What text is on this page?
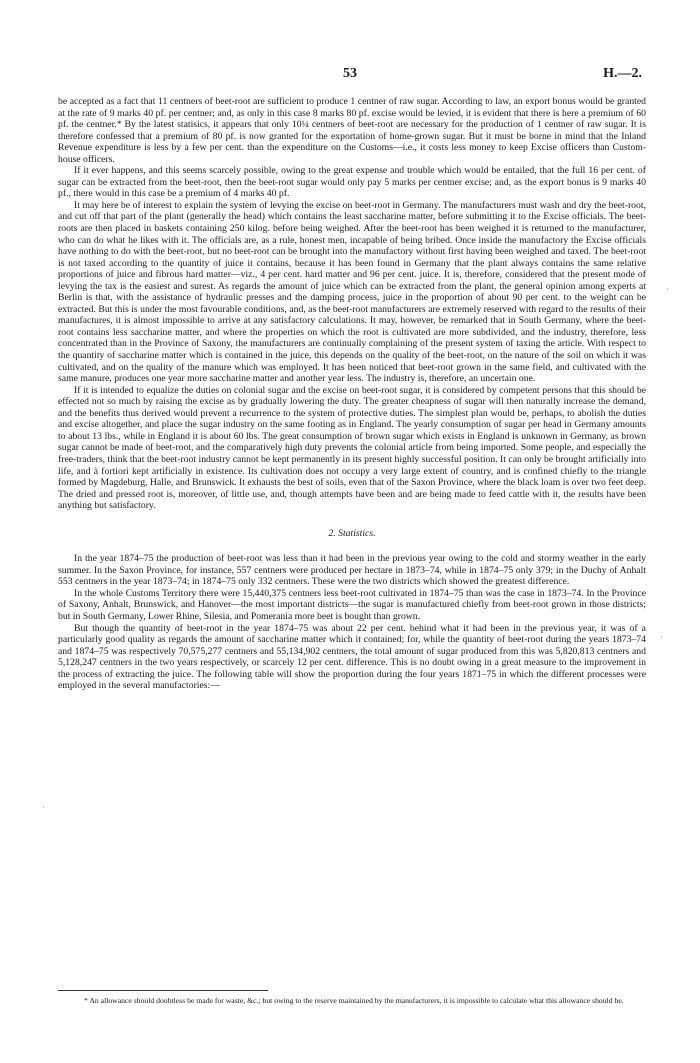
53	H.—2.

be accepted as a fact that 11 centners of beet-root are sufficient to produce 1 centner of raw sugar. According to law, an export bonus would be granted at the rate of 9 marks 40 pf. per centner; and, as only in this case 8 marks 80 pf. excise would be levied, it is evident that there is here a premium of 60 pf. the centner.* By the latest statisics, it appears that only 10¼ centners of beet-root are necessary for the production of 1 centner of raw sugar. It is therefore confessed that a premium of 80 pf. is now granted for the exportation of home-grown sugar. But it must be borne in mind that the Inland Revenue expenditure is less by a few per cent. than the expenditure on the Customs—i.e., it costs less money to keep Excise officers than Custom-house officers.

If it ever happens, and this seems scarcely possible, owing to the great expense and trouble which would be entailed, that the full 16 per cent. of sugar can be extracted from the beet-root, then the beet-root sugar would only pay 5 marks per centner excise; and, as the export bonus is 9 marks 40 pf., there would in this case be a premium of 4 marks 40 pf.

It may here be of interest to explain the system of levying the excise on beet-root in Germany. The manufacturers must wash and dry the beet-root, and cut off that part of the plant (generally the head) which contains the least saccharine matter, before submitting it to the Excise officials. The beet-roots are then placed in baskets containing 250 kilog. before being weighed. After the beet-root has been weighed it is returned to the manufacturer, who can do what he likes with it. The officials are, as a rule, honest men, incapable of being bribed. Once inside the manufactory the Excise officials have nothing to do with the beet-root, but no beet-root can be brought into the manufactory without first having been weighed and taxed. The beet-root is not taxed according to the quantity of juice it contains, because it has been found in Germany that the plant always contains the same relative proportions of juice and fibrous hard matter—viz., 4 per cent. hard matter and 96 per cent. juice. It is, therefore, considered that the present mode of levying the tax is the easiest and surest. As regards the amount of juice which can be extracted from the plant, the general opinion among experts at Berlin is that, with the assistance of hydraulic presses and the damping process, juice in the proportion of about 90 per cent. to the weight can be extracted. But this is under the most favourable conditions, and, as the beet-root manufacturers are extremely reserved with regard to the results of their manufactures, it is almost impossible to arrive at any satisfactory calculations. It may, however, be remarked that in South Germany, where the beet-root contains less saccharine matter, and where the properties on which the root is cultivated are more subdivided, and the industry, therefore, less concentrated than in the Province of Saxony, the manufacturers are continually complaining of the present system of taxing the article. With respect to the quantity of saccharine matter which is contained in the juice, this depends on the quality of the beet-root, on the nature of the soil on which it was cultivated, and on the quality of the manure which was employed. It has been noticed that beet-root grown in the same field, and cultivated with the same manure, produces one year more saccharine matter and another year less. The industry is, therefore, an uncertain one.

If it is intended to equalize the duties on colonial sugar and the excise on beet-root sugar, it is considered by competent persons that this should be effected not so much by raising the excise as by gradually lowering the duty. The greater cheapness of sugar will then naturally increase the demand, and the benefits thus derived would prevent a recurrence to the system of protective duties. The simplest plan would be, perhaps, to abolish the duties and excise altogether, and place the sugar industry on the same footing as in England. The yearly consumption of sugar per head in Germany amounts to about 13 lbs., while in England it is about 60 lbs. The great consumption of brown sugar which exists in England is unknown in Germany, as brown sugar cannot be made of beet-root, and the comparatively high duty prevents the colonial article from being imported. Some people, and especially the free-traders, think that the beet-root industry cannot be kept permanently in its present highly successful position. It can only be brought artificially into life, and à fortiori kept artificially in existence. Its cultivation does not occupy a very large extent of country, and is confined chiefly to the triangle formed by Magdeburg, Halle, and Brunswick. It exhausts the best of soils, even that of the Saxon Province, where the black loam is over two feet deep. The dried and pressed root is, moreover, of little use, and, though attempts have been and are being made to feed cattle with it, the results have been anything but satisfactory.

2. Statistics.

In the year 1874–75 the production of beet-root was less than it had been in the previous year owing to the cold and stormy weather in the early summer. In the Saxon Province, for instance, 557 centners were produced per hectare in 1873–74, while in 1874–75 only 379; in the Duchy of Anhalt 553 centners in the year 1873–74; in 1874–75 only 332 centners. These were the two districts which showed the greatest difference.

In the whole Customs Territory there were 15,440,375 centners less beet-root cultivated in 1874–75 than was the case in 1873–74. In the Province of Saxony, Anhalt, Brunswick, and Hanover—the most important districts—the sugar is manufactured chiefly from beet-root grown in those districts; but in South Germany, Lower Rhine, Silesia, and Pomerania more beet is bought than grown.

But though the quantity of beet-root in the year 1874–75 was about 22 per cent. behind what it had been in the previous year, it was of a particularly good quality as regards the amount of saccharine matter which it contained; for, while the quantity of beet-root during the years 1873–74 and 1874–75 was respectively 70,575,277 centners and 55,134,902 centners, the total amount of sugar produced from this was 5,820,813 centners and 5,128,247 centners in the two years respectively, or scarcely 12 per cent. difference. This is no doubt owing in a great measure to the improvement in the process of extracting the juice. The following table will show the proportion during the four years 1871–75 in which the different processes were employed in the several manufactories:—

* An allowance should doubtless be made for waste, &c.; but owing to the reserve maintained by the manufacturers, it is impossible to calculate what this allowance should be.

·
·
·
